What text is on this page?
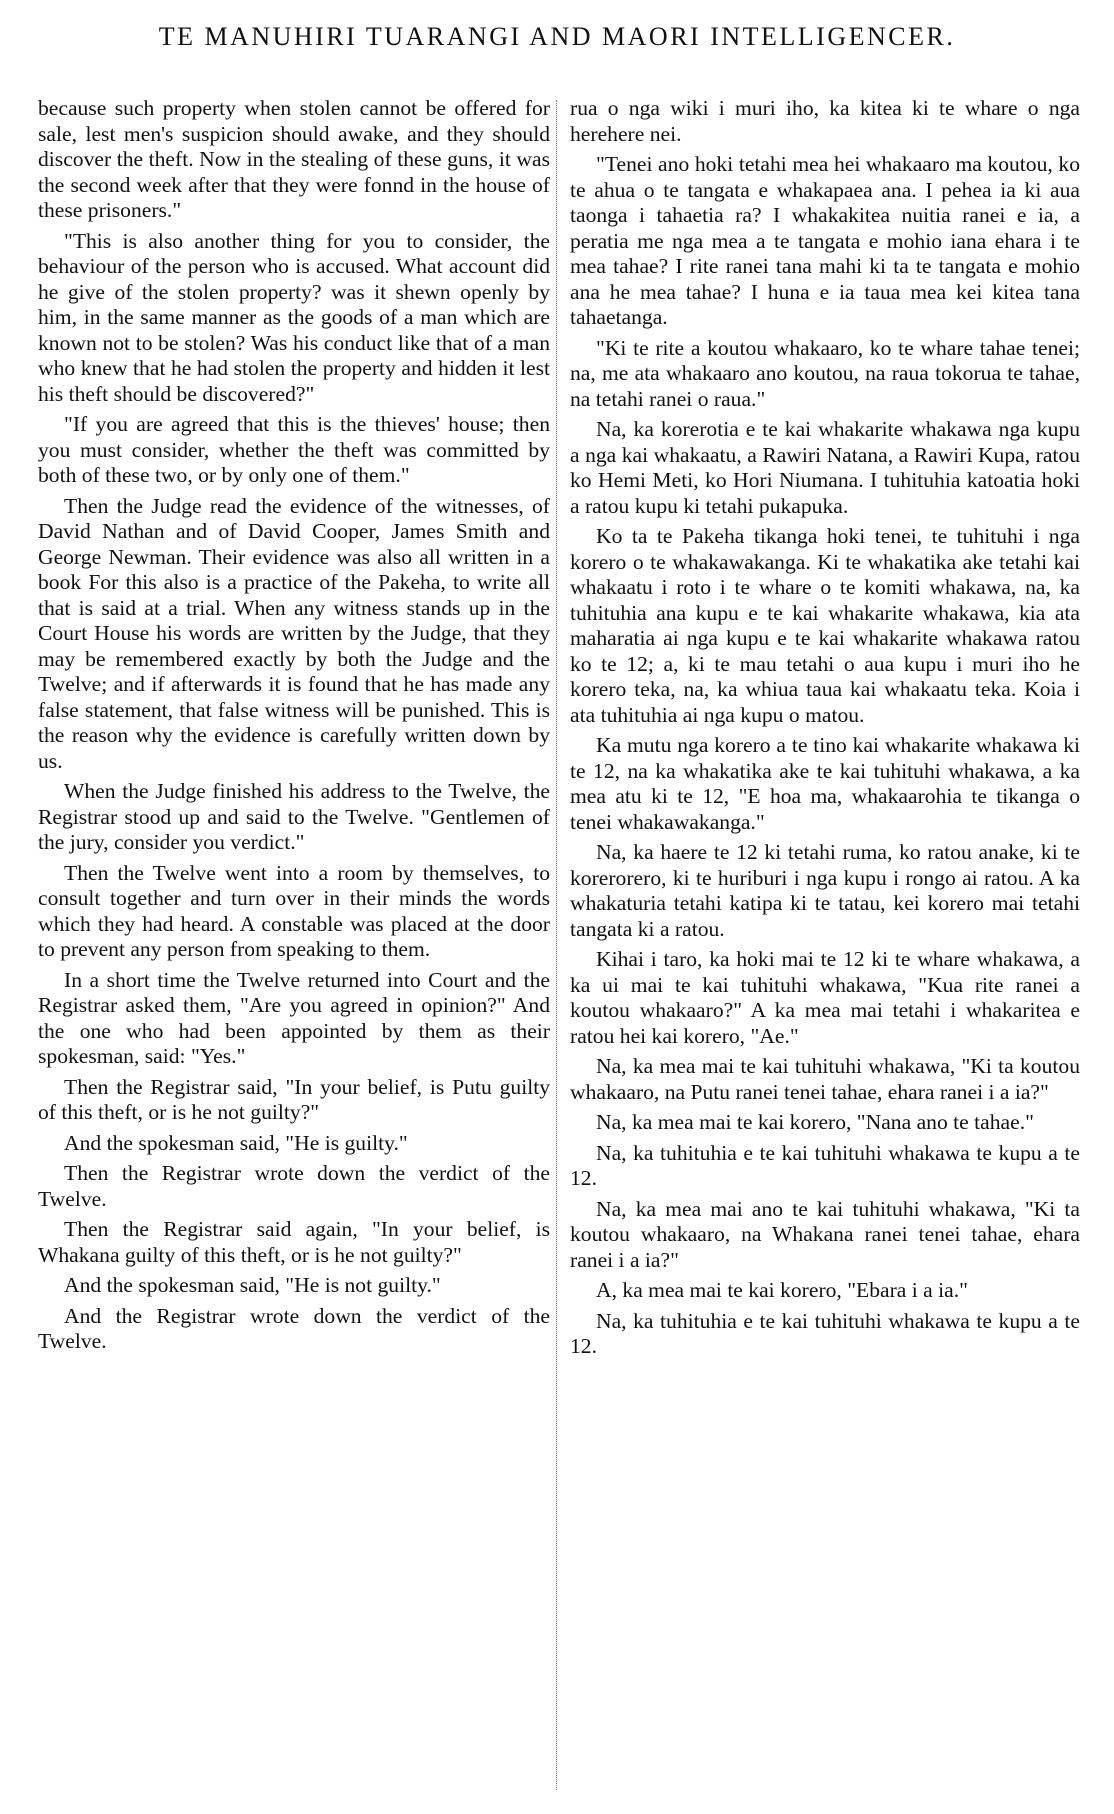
TE MANUHIRI TUARANGI AND MAORI INTELLIGENCER.

because such property when stolen cannot be offered for sale, lest men's suspicion should awake, and they should discover the theft. Now in the stealing of these guns, it was the second week after that they were fonnd in the house of these prisoners."

"This is also another thing for you to consider, the behaviour of the person who is accused. What account did he give of the stolen property? was it shewn openly by him, in the same manner as the goods of a man which are known not to be stolen? Was his conduct like that of a man who knew that he had stolen the property and hidden it lest his theft should be discovered?"

"If you are agreed that this is the thieves' house; then you must consider, whether the theft was committed by both of these two, or by only one of them."

Then the Judge read the evidence of the witnesses, of David Nathan and of David Cooper, James Smith and George Newman. Their evidence was also all written in a book For this also is a practice of the Pakeha, to write all that is said at a trial. When any witness stands up in the Court House his words are written by the Judge, that they may be remembered exactly by both the Judge and the Twelve; and if afterwards it is found that he has made any false statement, that false witness will be punished. This is the reason why the evidence is carefully written down by us.

When the Judge finished his address to the Twelve, the Registrar stood up and said to the Twelve. "Gentlemen of the jury, consider you verdict."

Then the Twelve went into a room by themselves, to consult together and turn over in their minds the words which they had heard. A constable was placed at the door to prevent any person from speaking to them.

In a short time the Twelve returned into Court and the Registrar asked them, "Are you agreed in opinion?" And the one who had been appointed by them as their spokesman, said: "Yes."

Then the Registrar said, "In your belief, is Putu guilty of this theft, or is he not guilty?"

And the spokesman said, "He is guilty."

Then the Registrar wrote down the verdict of the Twelve.

Then the Registrar said again, "In your belief, is Whakana guilty of this theft, or is he not guilty?"

And the spokesman said, "He is not guilty."

And the Registrar wrote down the verdict of the Twelve.

rua o nga wiki i muri iho, ka kitea ki te whare o nga herehere nei.

"Tenei ano hoki tetahi mea hei whakaaro ma koutou, ko te ahua o te tangata e whakapaea ana. I pehea ia ki aua taonga i tahaetia ra? I whakakitea nuitia ranei e ia, a peratia me nga mea a te tangata e mohio iana ehara i te mea tahae? I rite ranei tana mahi ki ta te tangata e mohio ana he mea tahae? I huna e ia taua mea kei kitea tana tahaetanga.

"Ki te rite a koutou whakaaro, ko te whare tahae tenei; na, me ata whakaaro ano koutou, na raua tokorua te tahae, na tetahi ranei o raua."

Na, ka korerotia e te kai whakarite whakawa nga kupu a nga kai whakaatu, a Rawiri Natana, a Rawiri Kupa, ratou ko Hemi Meti, ko Hori Niumana. I tuhituhia katoatia hoki a ratou kupu ki tetahi pukapuka.

Ko ta te Pakeha tikanga hoki tenei, te tuhituhi i nga korero o te whakawakanga. Ki te whakatika ake tetahi kai whakaatu i roto i te whare o te komiti whakawa, na, ka tuhituhia ana kupu e te kai whakarite whakawa, kia ata maharatia ai nga kupu e te kai whakarite whakawa ratou ko te 12; a, ki te mau tetahi o aua kupu i muri iho he korero teka, na, ka whiua taua kai whakaatu teka. Koia i ata tuhituhia ai nga kupu o matou.

Ka mutu nga korero a te tino kai whakarite whakawa ki te 12, na ka whakatika ake te kai tuhituhi whakawa, a ka mea atu ki te 12, "E hoa ma, whakaarohia te tikanga o tenei whakawakanga."

Na, ka haere te 12 ki tetahi ruma, ko ratou anake, ki te korerorero, ki te huriburi i nga kupu i rongo ai ratou. A ka whakaturia tetahi katipa ki te tatau, kei korero mai tetahi tangata ki a ratou.

Kihai i taro, ka hoki mai te 12 ki te whare whakawa, a ka ui mai te kai tuhituhi whakawa, "Kua rite ranei a koutou whakaaro?" A ka mea mai tetahi i whakaritea e ratou hei kai korero, "Ae."

Na, ka mea mai te kai tuhituhi whakawa, "Ki ta koutou whakaaro, na Putu ranei tenei tahae, ehara ranei i a ia?"

Na, ka mea mai te kai korero, "Nana ano te tahae."

Na, ka tuhituhia e te kai tuhituhi whakawa te kupu a te 12.

Na, ka mea mai ano te kai tuhituhi whakawa, "Ki ta koutou whakaaro, na Whakana ranei tenei tahae, ehara ranei i a ia?"

A, ka mea mai te kai korero, "Ebara i a ia."

Na, ka tuhituhia e te kai tuhituhi whakawa te kupu a te 12.
